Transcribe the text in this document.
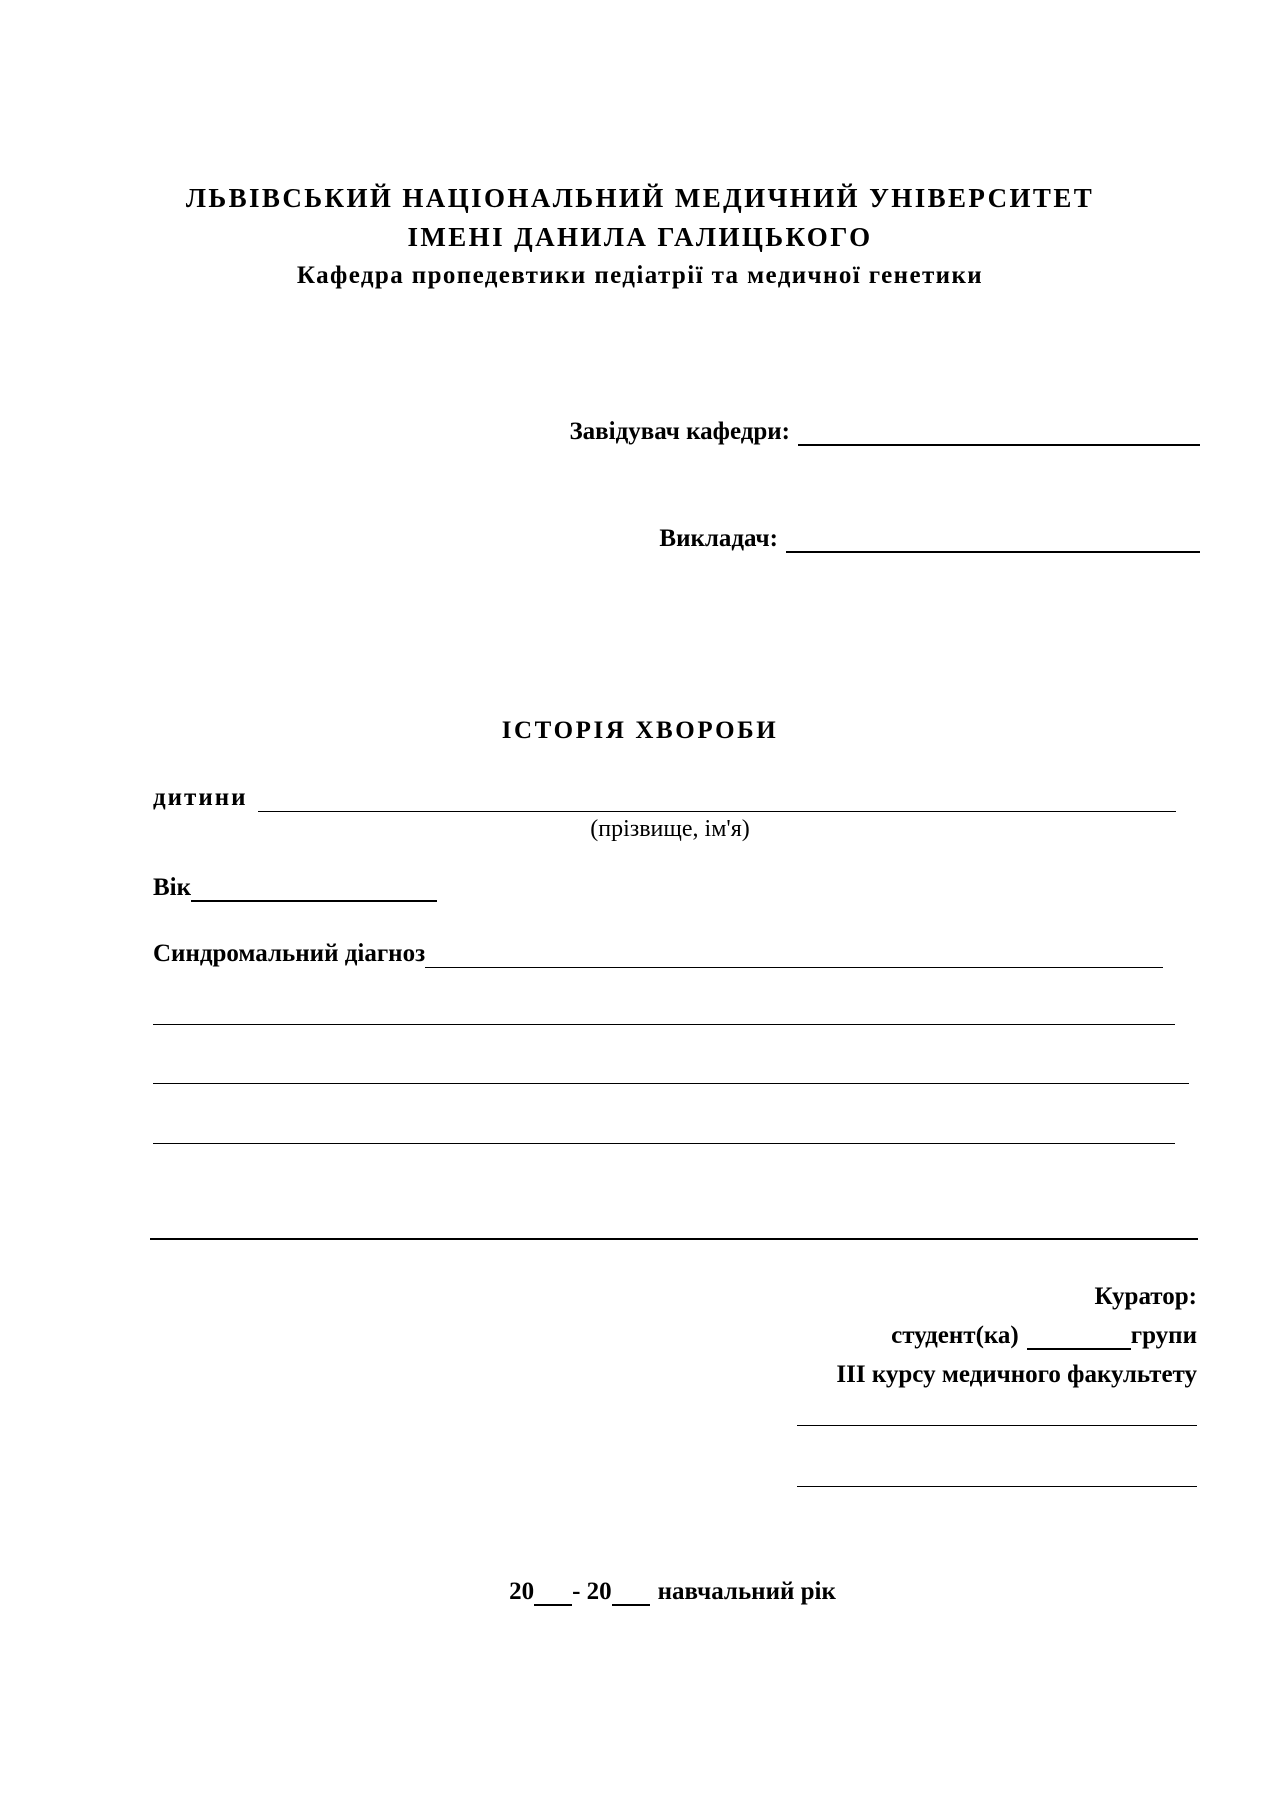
ЛЬВІВСЬКИЙ НАЦІОНАЛЬНИЙ МЕДИЧНИЙ УНІВЕРСИТЕТ
ІМЕНІ ДАНИЛА ГАЛИЦЬКОГО
Кафедра пропедевтики педіатрії та медичної генетики
Завідувач кафедри:
Викладач:
ІСТОРІЯ ХВОРОБИ
дитини
(прізвище, ім'я)
Вік
Синдромальний діагноз
Куратор:
студент(ка)	групи
ІІІ курсу медичного факультету
20 - 20 навчальний рік
